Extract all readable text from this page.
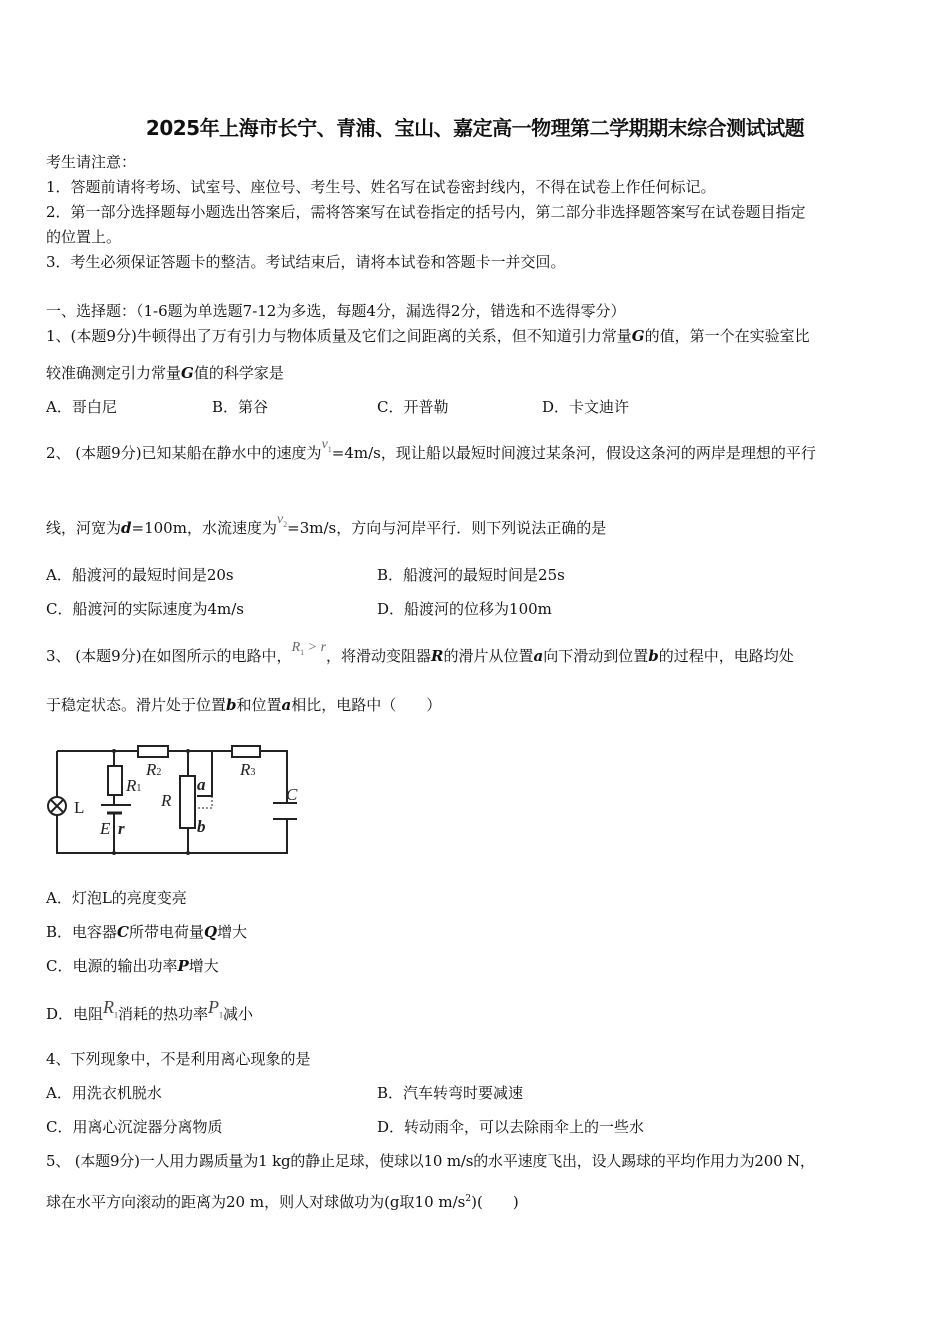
2025年上海市长宁、青浦、宝山、嘉定高一物理第二学期期末综合测试试题
考生请注意：
1．答题前请将考场、试室号、座位号、考生号、姓名写在试卷密封线内，不得在试卷上作任何标记。
2．第一部分选择题每小题选出答案后，需将答案写在试卷指定的括号内，第二部分非选择题答案写在试卷题目指定
的位置上。
3．考生必须保证答题卡的整洁。考试结束后，请将本试卷和答题卡一并交回。
一、选择题：（1-6题为单选题7-12为多选，每题4分，漏选得2分，错选和不选得零分）
1、(本题9分)牛顿得出了万有引力与物体质量及它们之间距离的关系，但不知道引力常量G的值，第一个在实验室比
较准确测定引力常量G值的科学家是
A．哥白尼	B．第谷	C．开普勒	D．卡文迪许
2、 (本题9分)已知某船在静水中的速度为$v_1=4m/s$，现让船以最短时间渡过某条河，假设这条河的两岸是理想的平行
线，河宽为d=100m，水流速度为$v_2=3m/s$，方向与河岸平行．则下列说法正确的是
A．船渡河的最短时间是20s	B．船渡河的最短时间是25s
C．船渡河的实际速度为4m/s	D．船渡河的位移为100m
3、 (本题9分)在如图所示的电路中，$R_1 > r$，将滑动变阻器R的滑片从位置a向下滑动到位置b的过程中，电路均处
于稳定状态。滑片处于位置b和位置a相比，电路中（　　）
L
R1
R2	R3
R
a
b
C
E r
A．灯泡L的亮度变亮
B．电容器C所带电荷量Q增大
C．电源的输出功率P增大
D．电阻$R_1$消耗的热功率$P_1$减小
4、下列现象中，不是利用离心现象的是
A．用洗衣机脱水	B．汽车转弯时要减速
C．用离心沉淀器分离物质	D．转动雨伞，可以去除雨伞上的一些水
5、 (本题9分)一人用力踢质量为1 kg的静止足球，使球以10 m/s的水平速度飞出，设人踢球的平均作用力为200 N，
球在水平方向滚动的距离为20 m，则人对球做功为(g取10 $m/s^2$)(　　)
